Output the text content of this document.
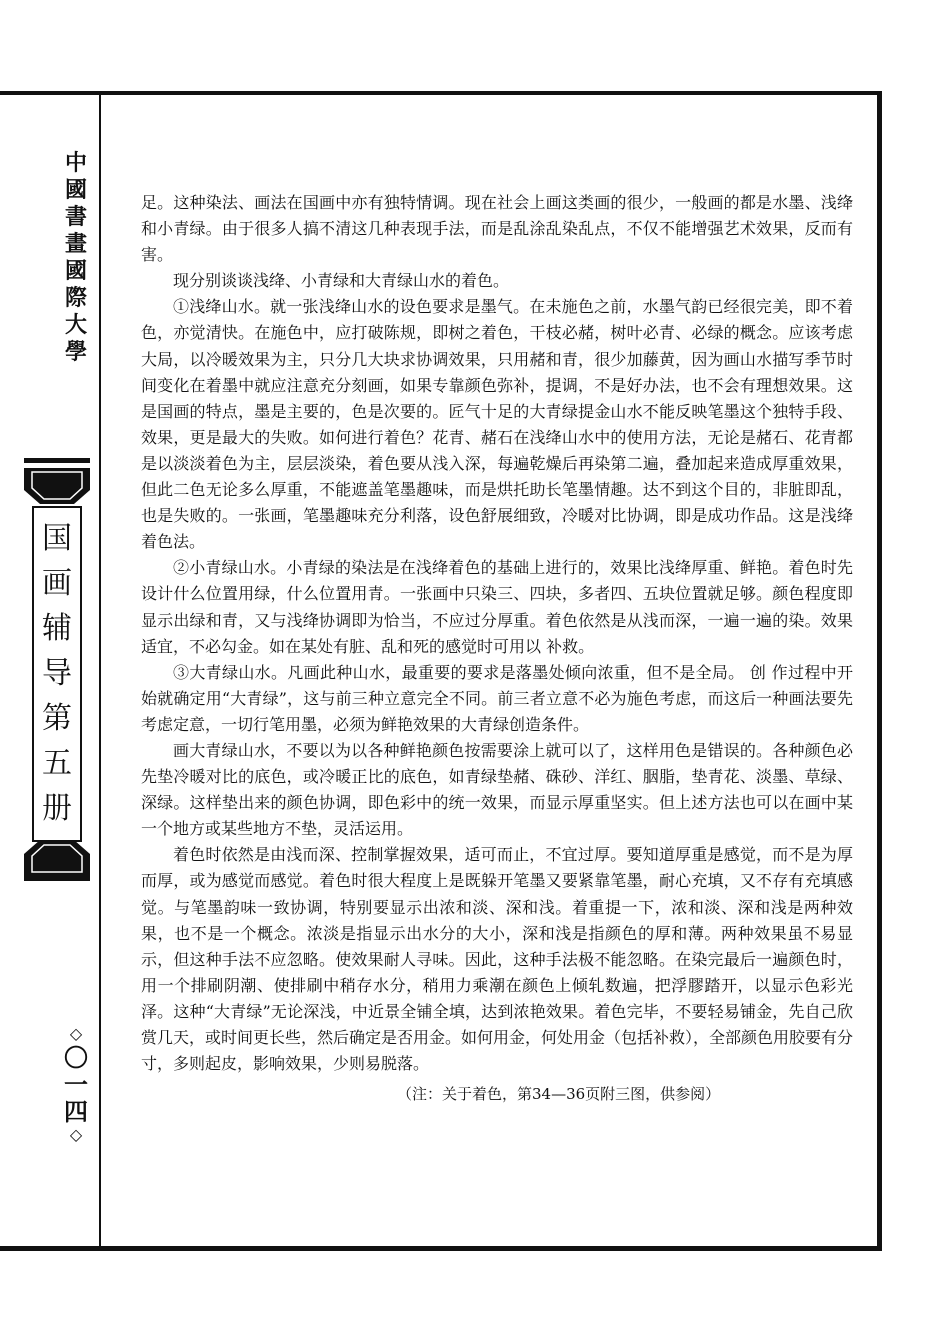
中
國
書
畫
國
際
大
學
国
画
辅
导
第
五
册
◇
〇
一
四
◇

足。这种染法、画法在国画中亦有独特情调。现在社会上画这类画的很少，一般画的都是水墨、浅绛和小青绿。由于很多人搞不清这几种表现手法，而是乱涂乱染乱点，不仅不能增强艺术效果，反而有害。

现分别谈谈浅绛、小青绿和大青绿山水的着色。

①浅绛山水。就一张浅绛山水的设色要求是墨气。在未施色之前，水墨气韵已经很完美，即不着色，亦觉清快。在施色中，应打破陈规，即树之着色，干枝必赭，树叶必青、必绿的概念。应该考虑大局，以冷暖效果为主，只分几大块求协调效果，只用赭和青，很少加藤黄，因为画山水描写季节时间变化在着墨中就应注意充分刻画，如果专靠颜色弥补，提调，不是好办法，也不会有理想效果。这是国画的特点，墨是主要的，色是次要的。匠气十足的大青绿提金山水不能反映笔墨这个独特手段、效果，更是最大的失败。如何进行着色？花青、赭石在浅绛山水中的使用方法，无论是赭石、花青都是以淡淡着色为主，层层淡染，着色要从浅入深，每遍乾燥后再染第二遍，叠加起来造成厚重效果，但此二色无论多么厚重，不能遮盖笔墨趣味，而是烘托助长笔墨情趣。达不到这个目的，非脏即乱，也是失败的。一张画，笔墨趣味充分利落，设色舒展细致，冷暖对比协调，即是成功作品。这是浅绛着色法。

②小青绿山水。小青绿的染法是在浅绛着色的基础上进行的，效果比浅绛厚重、鲜艳。着色时先设计什么位置用绿，什么位置用青。一张画中只染三、四块，多者四、五块位置就足够。颜色程度即显示出绿和青，又与浅绛协调即为恰当，不应过分厚重。着色依然是从浅而深，一遍一遍的染。效果适宜，不必勾金。如在某处有脏、乱和死的感觉时可用以 补救。

③大青绿山水。凡画此种山水，最重要的要求是落墨处倾向浓重，但不是全局。 创 作过程中开始就确定用“大青绿”，这与前三种立意完全不同。前三者立意不必为施色考虑，而这后一种画法要先考虑定意，一切行笔用墨，必须为鲜艳效果的大青绿创造条件。

画大青绿山水，不要以为以各种鲜艳颜色按需要涂上就可以了，这样用色是错误的。各种颜色必先垫冷暖对比的底色，或冷暖正比的底色，如青绿垫赭、硃砂、洋红、胭脂，垫青花、淡墨、草绿、深绿。这样垫出来的颜色协调，即色彩中的统一效果，而显示厚重坚实。但上述方法也可以在画中某一个地方或某些地方不垫，灵活运用。

着色时依然是由浅而深、控制掌握效果，适可而止，不宜过厚。要知道厚重是感觉，而不是为厚而厚，或为感觉而感觉。着色时很大程度上是既躲开笔墨又要紧靠笔墨，耐心充填，又不存有充填感觉。与笔墨韵味一致协调，特别要显示出浓和淡、深和浅。着重提一下，浓和淡、深和浅是两种效果，也不是一个概念。浓淡是指显示出水分的大小，深和浅是指颜色的厚和薄。两种效果虽不易显示，但这种手法不应忽略。使效果耐人寻味。因此，这种手法极不能忽略。在染完最后一遍颜色时，用一个排刷阴潮、使排刷中稍存水分，稍用力乘潮在颜色上倾轧数遍，把浮膠踏开，以显示色彩光泽。这种“大青绿”无论深浅，中近景全铺全填，达到浓艳效果。着色完毕，不要轻易铺金，先自己欣赏几天，或时间更长些，然后确定是否用金。如何用金，何处用金（包括补救），全部颜色用胶要有分寸，多则起皮，影响效果，少则易脱落。

（注：关于着色，第34—36页附三图，供参阅）
